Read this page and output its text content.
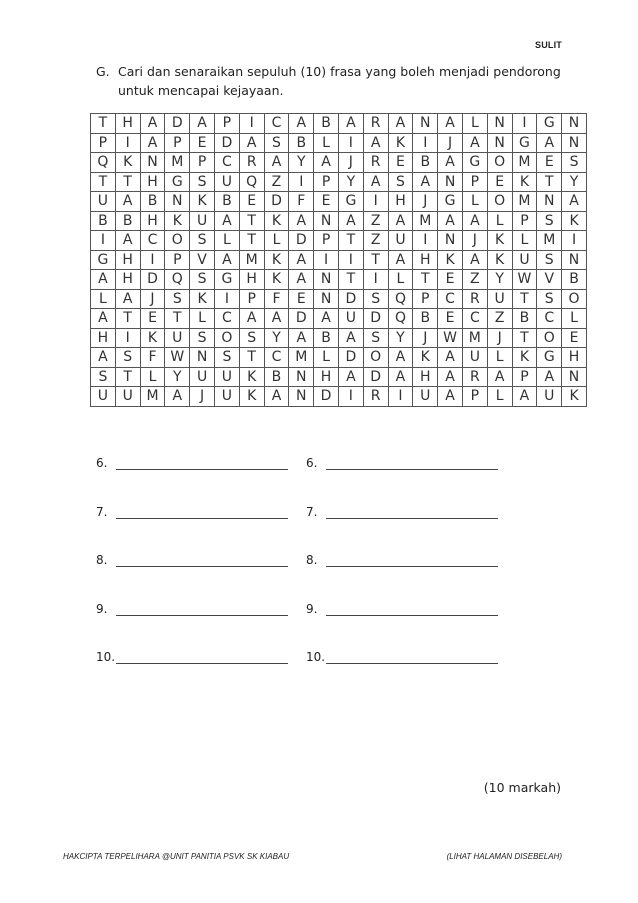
SULIT
G. Cari dan senaraikan sepuluh (10) frasa yang boleh menjadi pendorong untuk mencapai kejayaan.
T	H	A	D	A	P	I	C	A	B	A	R	A	N	A	L	N	I	G	N
P	I	A	P	E	D	A	S	B	L	I	A	K	I	J	A	N	G	A	N
Q	K	N	M	P	C	R	A	Y	A	J	R	E	B	A	G	O	M	E	S
T	T	H	G	S	U	Q	Z	I	P	Y	A	S	A	N	P	E	K	T	Y
U	A	B	N	K	B	E	D	F	E	G	I	H	J	G	L	O	M	N	A
B	B	H	K	U	A	T	K	A	N	A	Z	A	M	A	A	L	P	S	K
I	A	C	O	S	L	T	L	D	P	T	Z	U	I	N	J	K	L	M	I
G	H	I	P	V	A	M	K	A	I	I	T	A	H	K	A	K	U	S	N
A	H	D	Q	S	G	H	K	A	N	T	I	L	T	E	Z	Y	W	V	B
L	A	J	S	K	I	P	F	E	N	D	S	Q	P	C	R	U	T	S	O
A	T	E	T	L	C	A	A	D	A	U	D	Q	B	E	C	Z	B	C	L
H	I	K	U	S	O	S	Y	A	B	A	S	Y	J	W	M	J	T	O	E
A	S	F	W	N	S	T	C	M	L	D	O	A	K	A	U	L	K	G	H
S	T	L	Y	U	U	K	B	N	H	A	D	A	H	A	R	A	P	A	N
U	U	M	A	J	U	K	A	N	D	I	R	I	U	A	P	L	A	U	K
6.	6.
7.	7.
8.	8.
9.	9.
10.	10.
(10 markah)
HAKCIPTA TERPELIHARA @UNIT PANITIA PSVK SK KIABAU	(LIHAT HALAMAN DISEBELAH)
